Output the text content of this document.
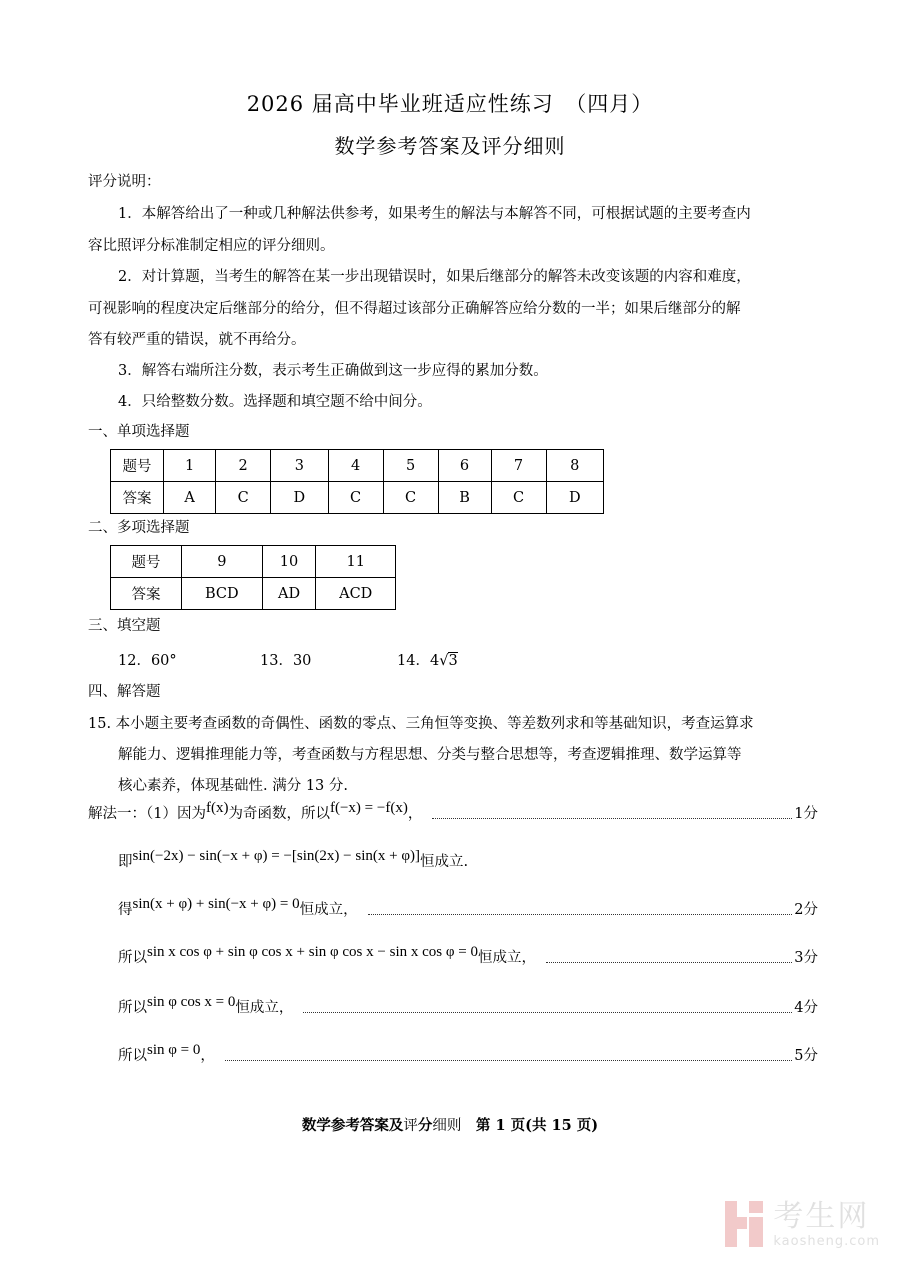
2026 届高中毕业班适应性练习　（四月）
数学参考答案及评分细则
评分说明：
1．本解答给出了一种或几种解法供参考，如果考生的解法与本解答不同，可根据试题的主要考查内
容比照评分标准制定相应的评分细则。
2．对计算题，当考生的解答在某一步出现错误时，如果后继部分的解答未改变该题的内容和难度，
可视影响的程度决定后继部分的给分，但不得超过该部分正确解答应给分数的一半；如果后继部分的解
答有较严重的错误，就不再给分。
3．解答右端所注分数，表示考生正确做到这一步应得的累加分数。
4．只给整数分数。选择题和填空题不给中间分。
一、单项选择题
题号	1	2	3	4	5	6	7	8
答案	A	C	D	C	C	B	C	D
二、多项选择题
题号	9	10	11
答案	BCD	AD	ACD
三、填空题
12．60°	13．30	14．4√3
四、解答题
15. 本小题主要考查函数的奇偶性、函数的零点、三角恒等变换、等差数列求和等基础知识，考查运算求
解能力、逻辑推理能力等，考查函数与方程思想、分类与整合思想等，考查逻辑推理、数学运算等
核心素养，体现基础性. 满分 13 分.
解法一：（1）因为 f(x) 为奇函数，所以 f(−x) = −f(x) ，	1分
即 sin(−2x) − sin(−x + φ) = −[sin(2x) − sin(x + φ)] 恒成立.
得 sin(x + φ) + sin(−x + φ) = 0 恒成立，	2分
所以 sin x cos φ + sin φ cos x + sin φ cos x − sin x cos φ = 0 恒成立，	3分
所以 sin φ cos x = 0 恒成立，	4分
所以 sin φ = 0 ，	5分
数学参考答案及评分细则　第 1 页(共 15 页)
考生网
kaosheng.com
